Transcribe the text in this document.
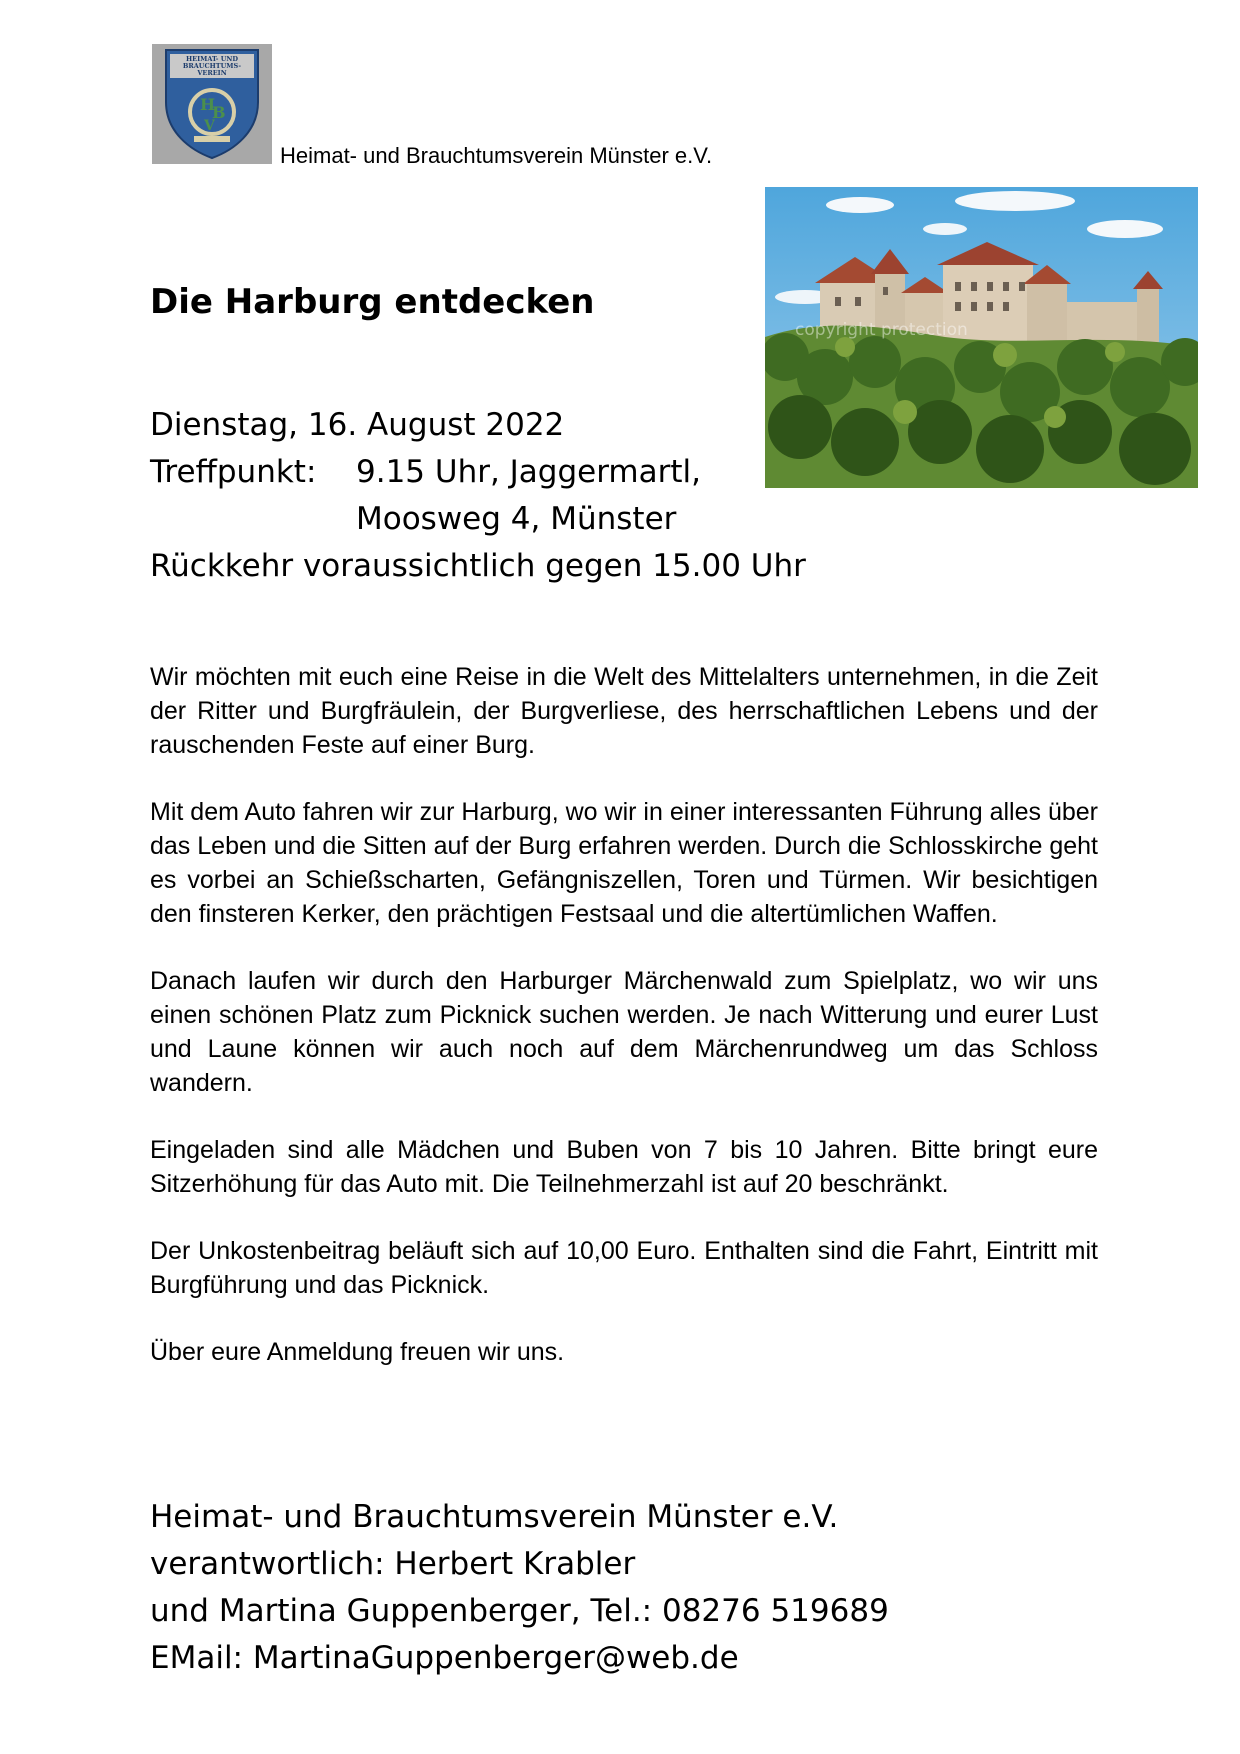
HEIMAT- UND
BRAUCHTUMS-
VEREIN
H
B
V
Heimat- und Brauchtumsverein Münster e.V.
copyright protection
Die Harburg entdecken
Dienstag, 16. August 2022
Treffpunkt: 9.15 Uhr, Jaggermartl,
Moosweg 4, Münster
Rückkehr voraussichtlich gegen 15.00 Uhr

Wir möchten mit euch eine Reise in die Welt des Mittelalters unternehmen, in die Zeit der Ritter und Burgfräulein, der Burgverliese, des herrschaftlichen Lebens und der rauschenden Feste auf einer Burg.

Mit dem Auto fahren wir zur Harburg, wo wir in einer interessanten Führung alles über das Leben und die Sitten auf der Burg erfahren werden. Durch die Schlosskirche geht es vorbei an Schießscharten, Gefängniszellen, Toren und Türmen. Wir besichtigen den finsteren Kerker, den prächtigen Festsaal und die altertümlichen Waffen.

Danach laufen wir durch den Harburger Märchenwald zum Spielplatz, wo wir uns einen schönen Platz zum Picknick suchen werden. Je nach Witterung und eurer Lust und Laune können wir auch noch auf dem Märchenrundweg um das Schloss wandern.

Eingeladen sind alle Mädchen und Buben von 7 bis 10 Jahren. Bitte bringt eure Sitzerhöhung für das Auto mit. Die Teilnehmerzahl ist auf 20 beschränkt.

Der Unkostenbeitrag beläuft sich auf 10,00 Euro. Enthalten sind die Fahrt, Eintritt mit Burgführung und das Picknick.

Über eure Anmeldung freuen wir uns.

Heimat- und Brauchtumsverein Münster e.V.
verantwortlich: Herbert Krabler
und Martina Guppenberger, Tel.: 08276 519689
EMail: MartinaGuppenberger@web.de
